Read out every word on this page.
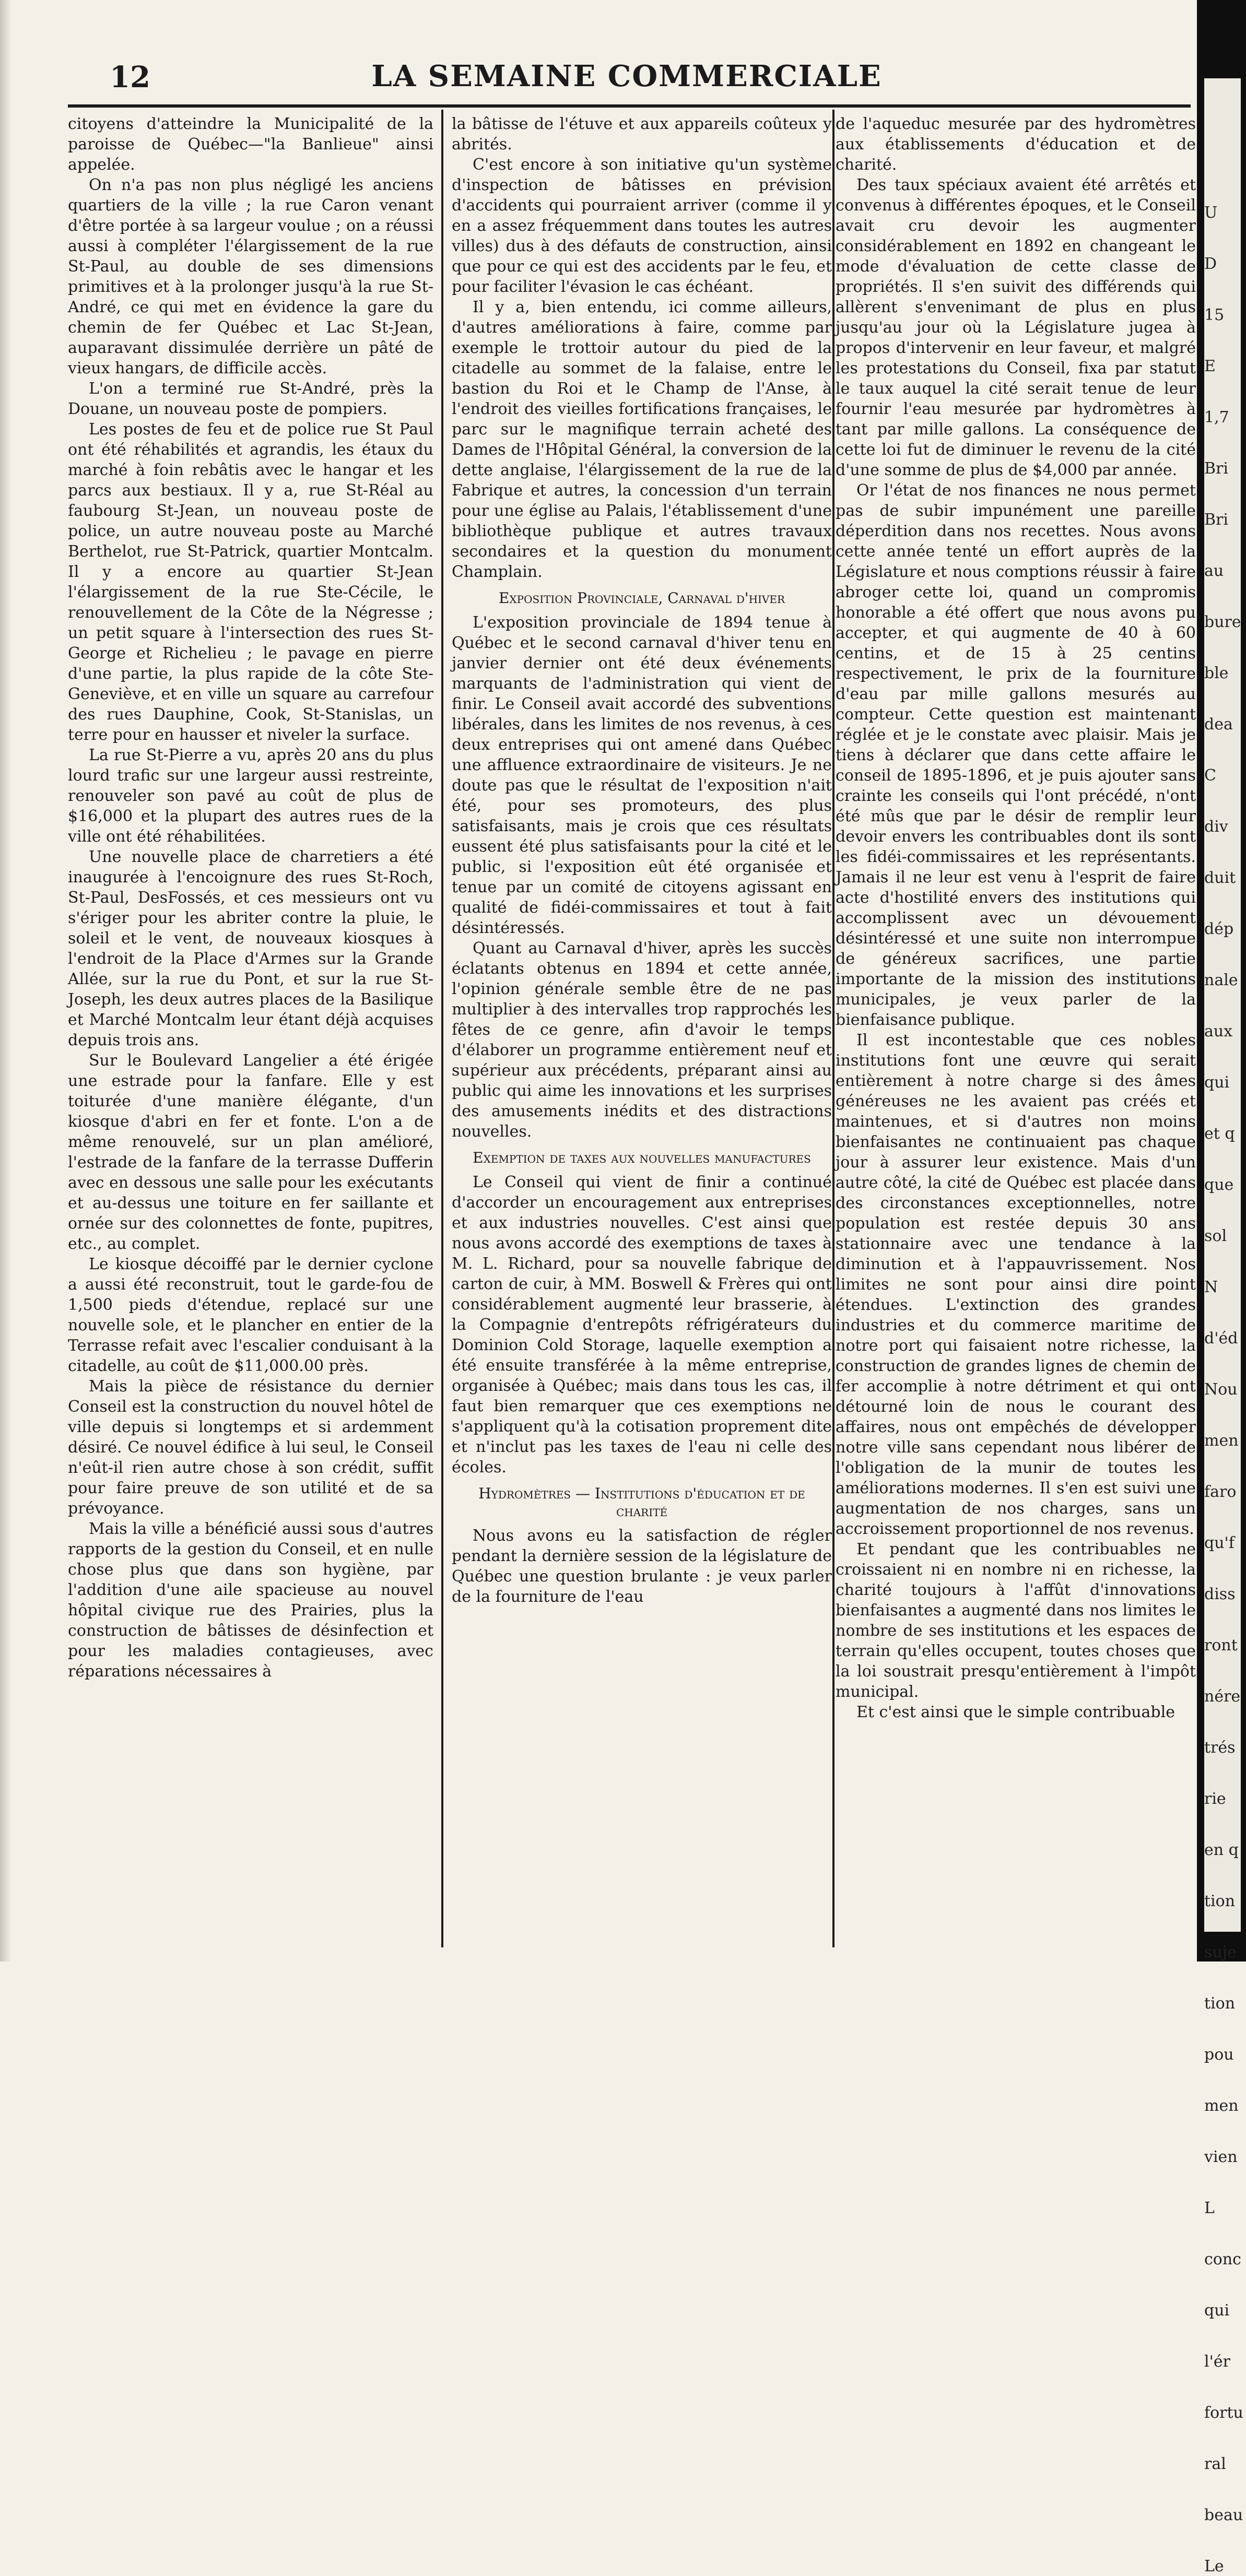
12	LA SEMAINE COMMERCIALE

citoyens d'atteindre la Municipalité de la paroisse de Québec—"la Banlieue" ainsi appelée.

On n'a pas non plus négligé les anciens quartiers de la ville ; la rue Caron venant d'être portée à sa largeur voulue ; on a réussi aussi à compléter l'élargissement de la rue St-Paul, au double de ses dimensions primitives et à la prolonger jusqu'à la rue St-André, ce qui met en évidence la gare du chemin de fer Québec et Lac St-Jean, auparavant dissimulée derrière un pâté de vieux hangars, de difficile accès.

L'on a terminé rue St-André, près la Douane, un nouveau poste de pompiers.

Les postes de feu et de police rue St Paul ont été réhabilités et agrandis, les étaux du marché à foin rebâtis avec le hangar et les parcs aux bestiaux. Il y a, rue St-Réal au faubourg St-Jean, un nouveau poste de police, un autre nouveau poste au Marché Berthelot, rue St-Patrick, quartier Montcalm. Il y a encore au quartier St-Jean l'élargissement de la rue Ste-Cécile, le renouvellement de la Côte de la Négresse ; un petit square à l'intersection des rues St-George et Richelieu ; le pavage en pierre d'une partie, la plus rapide de la côte Ste-Geneviève, et en ville un square au carrefour des rues Dauphine, Cook, St-Stanislas, un terre pour en hausser et niveler la surface.

La rue St-Pierre a vu, après 20 ans du plus lourd trafic sur une largeur aussi restreinte, renouveler son pavé au coût de plus de $16,000 et la plupart des autres rues de la ville ont été réhabilitées.

Une nouvelle place de charretiers a été inaugurée à l'encoignure des rues St-Roch, St-Paul, DesFossés, et ces messieurs ont vu s'ériger pour les abriter contre la pluie, le soleil et le vent, de nouveaux kiosques à l'endroit de la Place d'Armes sur la Grande Allée, sur la rue du Pont, et sur la rue St-Joseph, les deux autres places de la Basilique et Marché Montcalm leur étant déjà acquises depuis trois ans.

Sur le Boulevard Langelier a été érigée une estrade pour la fanfare. Elle y est toiturée d'une manière élégante, d'un kiosque d'abri en fer et fonte. L'on a de même renouvelé, sur un plan amélioré, l'estrade de la fanfare de la terrasse Dufferin avec en dessous une salle pour les exécutants et au-dessus une toiture en fer saillante et ornée sur des colonnettes de fonte, pupitres, etc., au complet.

Le kiosque décoiffé par le dernier cyclone a aussi été reconstruit, tout le garde-fou de 1,500 pieds d'étendue, replacé sur une nouvelle sole, et le plancher en entier de la Terrasse refait avec l'escalier conduisant à la citadelle, au coût de $11,000.00 près.

Mais la pièce de résistance du dernier Conseil est la construction du nouvel hôtel de ville depuis si longtemps et si ardemment désiré. Ce nouvel édifice à lui seul, le Conseil n'eût-il rien autre chose à son crédit, suffit pour faire preuve de son utilité et de sa prévoyance.

Mais la ville a bénéficié aussi sous d'autres rapports de la gestion du Conseil, et en nulle chose plus que dans son hygiène, par l'addition d'une aile spacieuse au nouvel hôpital civique rue des Prairies, plus la construction de bâtisses de désinfection et pour les maladies contagieuses, avec réparations nécessaires à

la bâtisse de l'étuve et aux appareils coûteux y abrités.

C'est encore à son initiative qu'un système d'inspection de bâtisses en prévision d'accidents qui pourraient arriver (comme il y en a assez fréquemment dans toutes les autres villes) dus à des défauts de construction, ainsi que pour ce qui est des accidents par le feu, et pour faciliter l'évasion le cas échéant.

Il y a, bien entendu, ici comme ailleurs, d'autres améliorations à faire, comme par exemple le trottoir autour du pied de la citadelle au sommet de la falaise, entre le bastion du Roi et le Champ de l'Anse, à l'endroit des vieilles fortifications françaises, le parc sur le magnifique terrain acheté des Dames de l'Hôpital Général, la conversion de la dette anglaise, l'élargissement de la rue de la Fabrique et autres, la concession d'un terrain pour une église au Palais, l'établissement d'une bibliothèque publique et autres travaux secondaires et la question du monument Champlain.

Exposition Provinciale, Carnaval d'hiver

L'exposition provinciale de 1894 tenue à Québec et le second carnaval d'hiver tenu en janvier dernier ont été deux événements marquants de l'administration qui vient de finir. Le Conseil avait accordé des subventions libérales, dans les limites de nos revenus, à ces deux entreprises qui ont amené dans Québec une affluence extraordinaire de visiteurs. Je ne doute pas que le résultat de l'exposition n'ait été, pour ses promoteurs, des plus satisfaisants, mais je crois que ces résultats eussent été plus satisfaisants pour la cité et le public, si l'exposition eût été organisée et tenue par un comité de citoyens agissant en qualité de fidéi-commissaires et tout à fait désintéressés.

Quant au Carnaval d'hiver, après les succès éclatants obtenus en 1894 et cette année, l'opinion générale semble être de ne pas multiplier à des intervalles trop rapprochés les fêtes de ce genre, afin d'avoir le temps d'élaborer un programme entièrement neuf et supérieur aux précédents, préparant ainsi au public qui aime les innovations et les surprises des amusements inédits et des distractions nouvelles.

Exemption de taxes aux nouvelles manufactures

Le Conseil qui vient de finir a continué d'accorder un encouragement aux entreprises et aux industries nouvelles. C'est ainsi que nous avons accordé des exemptions de taxes à M. L. Richard, pour sa nouvelle fabrique de carton de cuir, à MM. Boswell & Frères qui ont considérablement augmenté leur brasserie, à la Compagnie d'entrepôts réfrigérateurs du Dominion Cold Storage, laquelle exemption a été ensuite transférée à la même entreprise, organisée à Québec; mais dans tous les cas, il faut bien remarquer que ces exemptions ne s'appliquent qu'à la cotisation proprement dite et n'inclut pas les taxes de l'eau ni celle des écoles.

Hydromètres — Institutions d'éducation et de charité

Nous avons eu la satisfaction de régler pendant la dernière session de la législature de Québec une question brulante : je veux parler de la fourniture de l'eau

de l'aqueduc mesurée par des hydromètres aux établissements d'éducation et de charité.

Des taux spéciaux avaient été arrêtés et convenus à différentes époques, et le Conseil avait cru devoir les augmenter considérablement en 1892 en changeant le mode d'évaluation de cette classe de propriétés. Il s'en suivit des différends qui allèrent s'envenimant de plus en plus jusqu'au jour où la Législature jugea à propos d'intervenir en leur faveur, et malgré les protestations du Conseil, fixa par statut le taux auquel la cité serait tenue de leur fournir l'eau mesurée par hydromètres à tant par mille gallons. La conséquence de cette loi fut de diminuer le revenu de la cité d'une somme de plus de $4,000 par année.

Or l'état de nos finances ne nous permet pas de subir impunément une pareille déperdition dans nos recettes. Nous avons cette année tenté un effort auprès de la Législature et nous comptions réussir à faire abroger cette loi, quand un compromis honorable a été offert que nous avons pu accepter, et qui augmente de 40 à 60 centins, et de 15 à 25 centins respectivement, le prix de la fourniture d'eau par mille gallons mesurés au compteur. Cette question est maintenant réglée et je le constate avec plaisir. Mais je tiens à déclarer que dans cette affaire le conseil de 1895-1896, et je puis ajouter sans crainte les conseils qui l'ont précédé, n'ont été mûs que par le désir de remplir leur devoir envers les contribuables dont ils sont les fidéi-commissaires et les représentants. Jamais il ne leur est venu à l'esprit de faire acte d'hostilité envers des institutions qui accomplissent avec un dévouement désintéressé et une suite non interrompue de généreux sacrifices, une partie importante de la mission des institutions municipales, je veux parler de la bienfaisance publique.

Il est incontestable que ces nobles institutions font une œuvre qui serait entièrement à notre charge si des âmes généreuses ne les avaient pas créés et maintenues, et si d'autres non moins bienfaisantes ne continuaient pas chaque jour à assurer leur existence. Mais d'un autre côté, la cité de Québec est placée dans des circonstances exceptionnelles, notre population est restée depuis 30 ans stationnaire avec une tendance à la diminution et à l'appauvrissement. Nos limites ne sont pour ainsi dire point étendues. L'extinction des grandes industries et du commerce maritime de notre port qui faisaient notre richesse, la construction de grandes lignes de chemin de fer accomplie à notre détriment et qui ont détourné loin de nous le courant des affaires, nous ont empêchés de développer notre ville sans cependant nous libérer de l'obligation de la munir de toutes les améliorations modernes. Il s'en est suivi une augmentation de nos charges, sans un accroissement proportionnel de nos revenus.

Et pendant que les contribuables ne croissaient ni en nombre ni en richesse, la charité toujours à l'affût d'innovations bienfaisantes a augmenté dans nos limites le nombre de ses institutions et les espaces de terrain qu'elles occupent, toutes choses que la loi soustrait presqu'entièrement à l'impôt municipal.

Et c'est ainsi que le simple contribuable

U
D
15
E
1,7
Bri
Bri
au
bure
ble
dea
C
div
duit
dép
nale
aux
qui
et q
que
sol
N
d'éd
Nou
men
faro
qu'f
diss
ront
nére
trés
rie
en q
tion
suje
tion
pou
men
vien
L
conc
qui
l'ér
fortu
ral
beau
Le
